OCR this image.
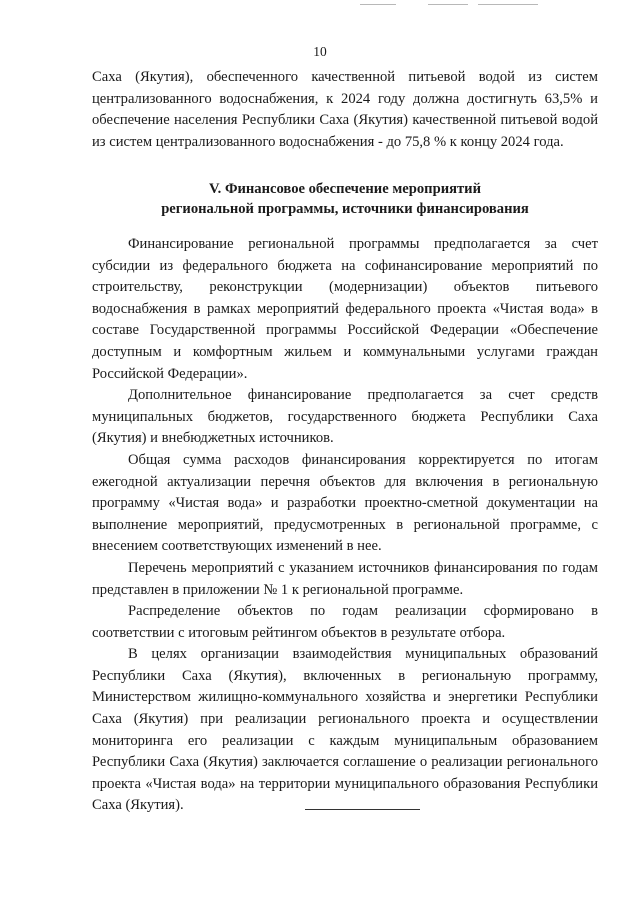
10

Саха (Якутия), обеспеченного качественной питьевой водой из систем централизованного водоснабжения, к 2024 году должна достигнуть 63,5% и обеспечение населения Республики Саха (Якутия) качественной питьевой водой из систем централизованного водоснабжения - до 75,8 % к концу 2024 года.

V. Финансовое обеспечение мероприятий
региональной программы, источники финансирования

Финансирование региональной программы предполагается за счет субсидии из федерального бюджета на софинансирование мероприятий по строительству, реконструкции (модернизации) объектов питьевого водоснабжения в рамках мероприятий федерального проекта «Чистая вода» в составе Государственной программы Российской Федерации «Обеспечение доступным и комфортным жильем и коммунальными услугами граждан Российской Федерации».

Дополнительное финансирование предполагается за счет средств муниципальных бюджетов, государственного бюджета Республики Саха (Якутия) и внебюджетных источников.

Общая сумма расходов финансирования корректируется по итогам ежегодной актуализации перечня объектов для включения в региональную программу «Чистая вода» и разработки проектно-сметной документации на выполнение мероприятий, предусмотренных в региональной программе, с внесением соответствующих изменений в нее.

Перечень мероприятий с указанием источников финансирования по годам представлен в приложении № 1 к региональной программе.

Распределение объектов по годам реализации сформировано в соответствии с итоговым рейтингом объектов в результате отбора.

В целях организации взаимодействия муниципальных образований Республики Саха (Якутия), включенных в региональную программу, Министерством жилищно-коммунального хозяйства и энергетики Республики Саха (Якутия) при реализации регионального проекта и осуществлении мониторинга его реализации с каждым муниципальным образованием Республики Саха (Якутия) заключается соглашение о реализации регионального проекта «Чистая вода» на территории муниципального образования Республики Саха (Якутия).
